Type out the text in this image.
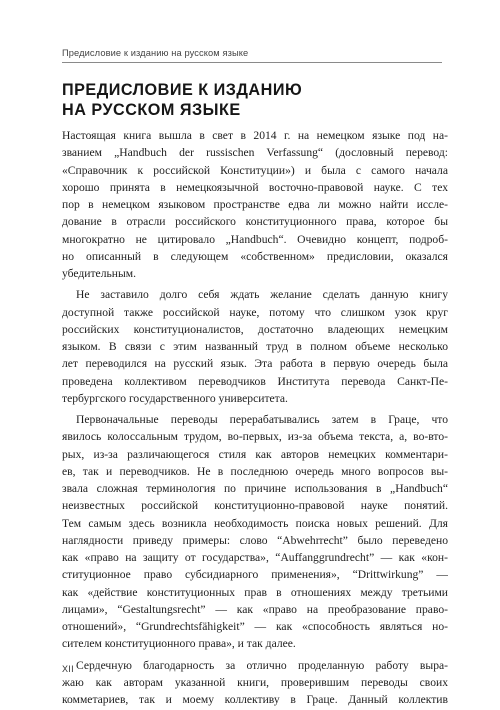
Предисловие к изданию на русском языке
ПРЕДИСЛОВИЕ К ИЗДАНИЮ
НА РУССКОМ ЯЗЫКЕ
Настоящая книга вышла в свет в 2014 г. на немецком языке под на-
званием „Handbuch der russischen Verfassung“ (дословный перевод:
«Справочник к российской Конституции») и была с самого начала
хорошо принята в немецкоязычной восточно-правовой науке. С тех
пор в немецком языковом пространстве едва ли можно найти иссле-
дование в отрасли российского конституционного права, которое бы
многократно не цитировало „Handbuch“. Очевидно концепт, подроб-
но описанный в следующем «собственном» предисловии, оказался
убедительным.
Не заставило долго себя ждать желание сделать данную книгу
доступной также российской науке, потому что слишком узок круг
российских конституционалистов, достаточно владеющих немецким
языком. В связи с этим названный труд в полном объеме несколько
лет переводился на русский язык. Эта работа в первую очередь была
проведена коллективом переводчиков Института перевода Санкт-Пе-
тербургского государственного университета.
Первоначальные переводы перерабатывались затем в Граце, что
явилось колоссальным трудом, во-первых, из-за объема текста, а, во-вто-
рых, из-за различающегося стиля как авторов немецких комментари-
ев, так и переводчиков. Не в последнюю очередь много вопросов вы-
звала сложная терминология по причине использования в „Handbuch“
неизвестных российской конституционно-правовой науке понятий.
Тем самым здесь возникла необходимость поиска новых решений. Для
наглядности приведу примеры: слово “Abwehrrecht” было переведено
как «право на защиту от государства», “Auffanggrundrecht” — как «кон-
ституционное право субсидиарного применения», “Drittwirkung” —
как «действие конституционных прав в отношениях между третьими
лицами», “Gestaltungsrecht” — как «право на преобразование право-
отношений», “Grundrechtsfähigkeit” — как «способность являться но-
сителем конституционного права», и так далее.
Сердечную благодарность за отлично проделанную работу выра-
жаю как авторам указанной книги, проверившим переводы своих
комметариев, так и моему коллективу в Граце. Данный коллектив
XII
